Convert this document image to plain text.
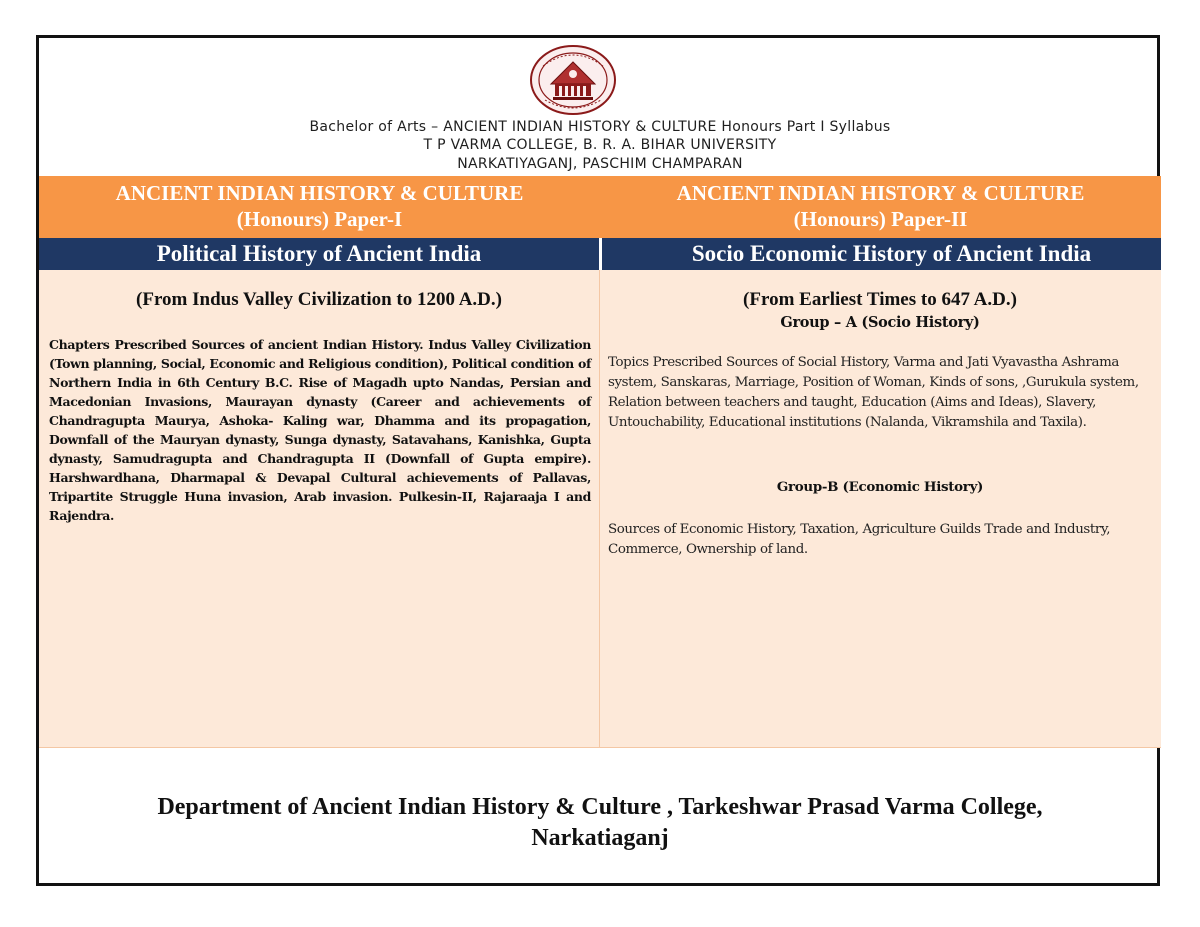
Bachelor of Arts – ANCIENT INDIAN HISTORY & CULTURE Honours Part I Syllabus
T P VARMA COLLEGE, B. R. A. BIHAR UNIVERSITY
NARKATIYAGANJ, PASCHIM CHAMPARAN
ANCIENT INDIAN HISTORY & CULTURE
(Honours) Paper-I
ANCIENT INDIAN HISTORY & CULTURE
(Honours) Paper-II
Political History of Ancient India	Socio Economic History of Ancient India
(From Indus Valley Civilization to 1200 A.D.)
Chapters Prescribed Sources of ancient Indian History. Indus Valley Civilization (Town planning, Social, Economic and Religious condition), Political condition of Northern India in 6th Century B.C. Rise of Magadh upto Nandas, Persian and Macedonian Invasions, Maurayan dynasty (Career and achievements of Chandragupta Maurya, Ashoka- Kaling war, Dhamma and its propagation, Downfall of the Mauryan dynasty, Sunga dynasty, Satavahans, Kanishka, Gupta dynasty, Samudragupta and Chandragupta II (Downfall of Gupta empire). Harshwardhana, Dharmapal & Devapal Cultural achievements of Pallavas, Tripartite Struggle Huna invasion, Arab invasion. Pulkesin-II, Rajaraaja I and Rajendra.
(From Earliest Times to 647 A.D.)
Group – A (Socio History)
Topics Prescribed Sources of Social History, Varma and Jati Vyavastha Ashrama system, Sanskaras, Marriage, Position of Woman, Kinds of sons, ,Gurukula system, Relation between teachers and taught, Education (Aims and Ideas), Slavery, Untouchability, Educational institutions (Nalanda, Vikramshila and Taxila).
Group-B (Economic History)
Sources of Economic History, Taxation, Agriculture Guilds Trade and Industry, Commerce, Ownership of land.
Department of Ancient Indian History & Culture , Tarkeshwar Prasad Varma College,
Narkatiaganj
